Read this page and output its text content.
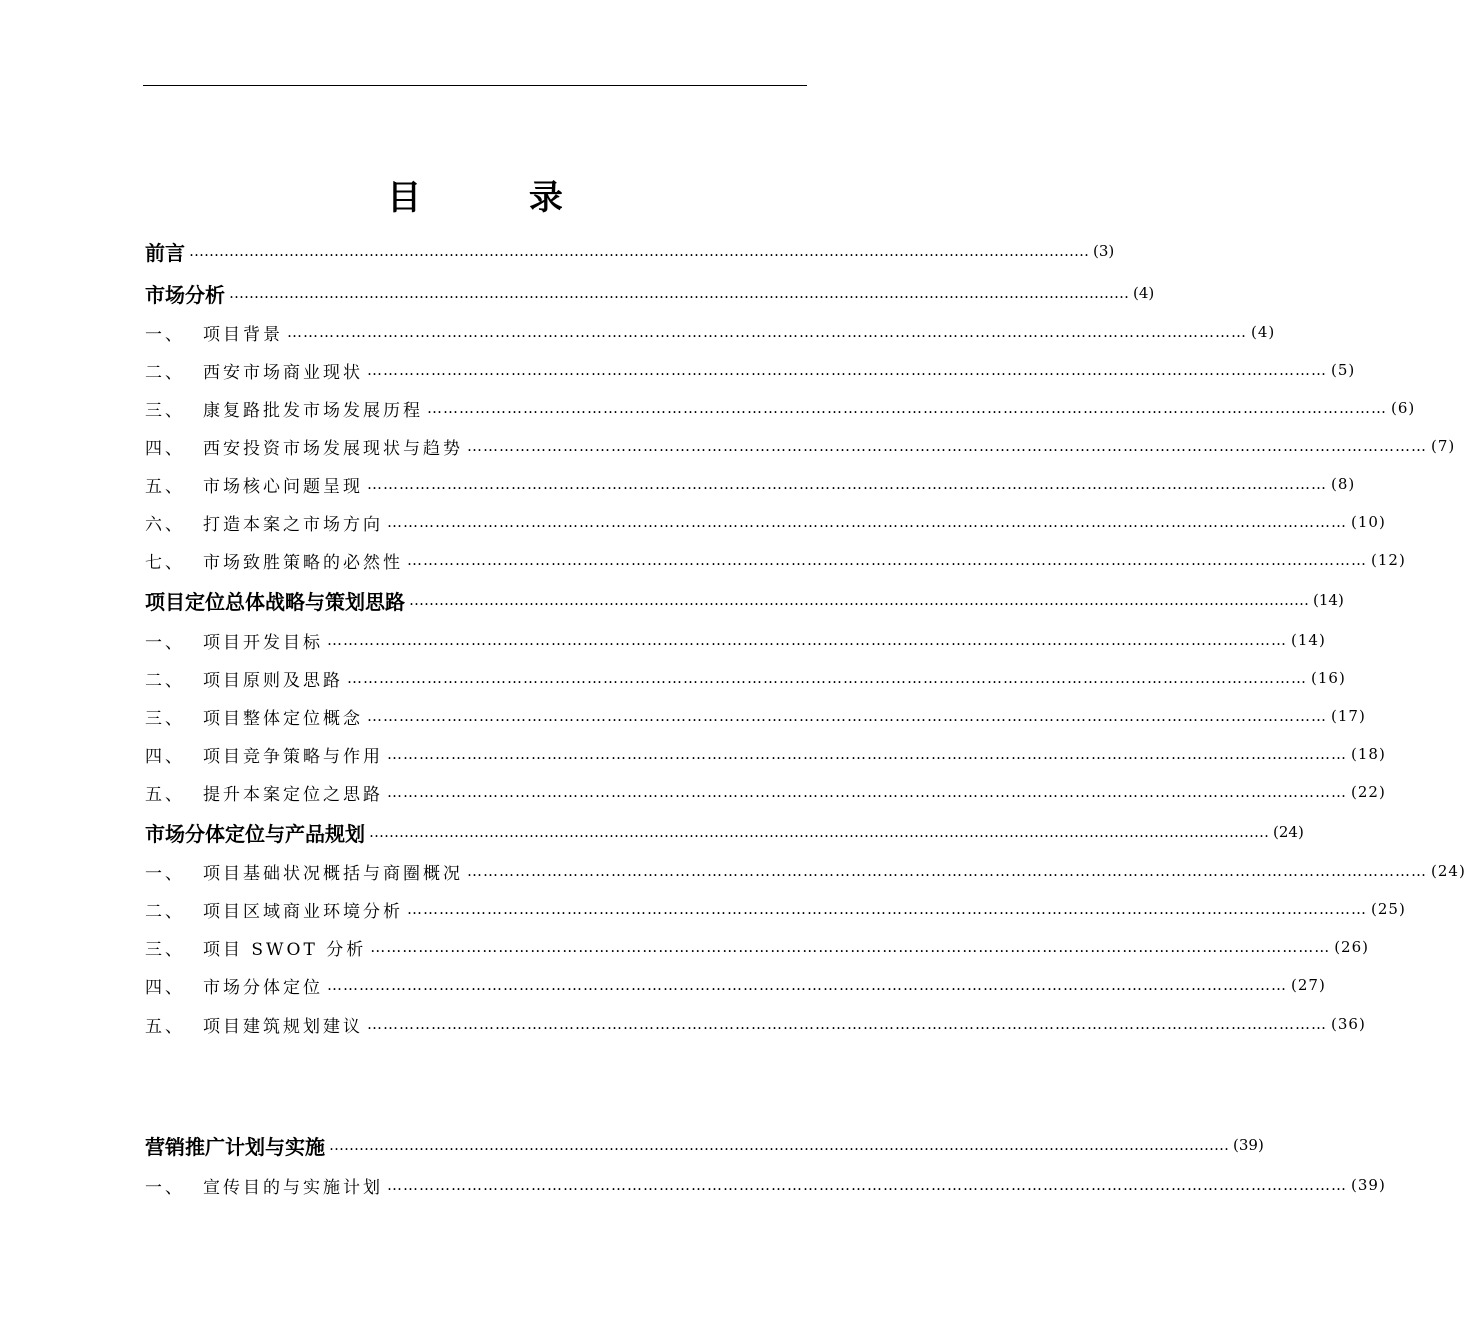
目 录
前言 ……………………………………………………………………………………………………………………………………………………………… (3)
市场分析 ……………………………………………………………………………………………………………………………………………………………… (4)
一、 项目背景 ……………………………………………………………………………………………………………………………………………………………… (4)
二、 西安市场商业现状 ……………………………………………………………………………………………………………………………………………………………… (5)
三、 康复路批发市场发展历程 ……………………………………………………………………………………………………………………………………………………………… (6)
四、 西安投资市场发展现状与趋势 ……………………………………………………………………………………………………………………………………………………………… (7)
五、 市场核心问题呈现 ……………………………………………………………………………………………………………………………………………………………… (8)
六、 打造本案之市场方向 ……………………………………………………………………………………………………………………………………………………………… (10)
七、 市场致胜策略的必然性 ……………………………………………………………………………………………………………………………………………………………… (12)
项目定位总体战略与策划思路 ……………………………………………………………………………………………………………………………………………………………… (14)
一、 项目开发目标 ……………………………………………………………………………………………………………………………………………………………… (14)
二、 项目原则及思路 ……………………………………………………………………………………………………………………………………………………………… (16)
三、 项目整体定位概念 ……………………………………………………………………………………………………………………………………………………………… (17)
四、 项目竞争策略与作用 ……………………………………………………………………………………………………………………………………………………………… (18)
五、 提升本案定位之思路 ……………………………………………………………………………………………………………………………………………………………… (22)
市场分体定位与产品规划 ……………………………………………………………………………………………………………………………………………………………… (24)
一、 项目基础状况概括与商圈概况 ……………………………………………………………………………………………………………………………………………………………… (24)
二、 项目区域商业环境分析 ……………………………………………………………………………………………………………………………………………………………… (25)
三、 项目 SWOT 分析 ……………………………………………………………………………………………………………………………………………………………… (26)
四、 市场分体定位 ……………………………………………………………………………………………………………………………………………………………… (27)
五、 项目建筑规划建议 ……………………………………………………………………………………………………………………………………………………………… (36)
营销推广计划与实施 ……………………………………………………………………………………………………………………………………………………………… (39)
一、 宣传目的与实施计划 ……………………………………………………………………………………………………………………………………………………………… (39)
